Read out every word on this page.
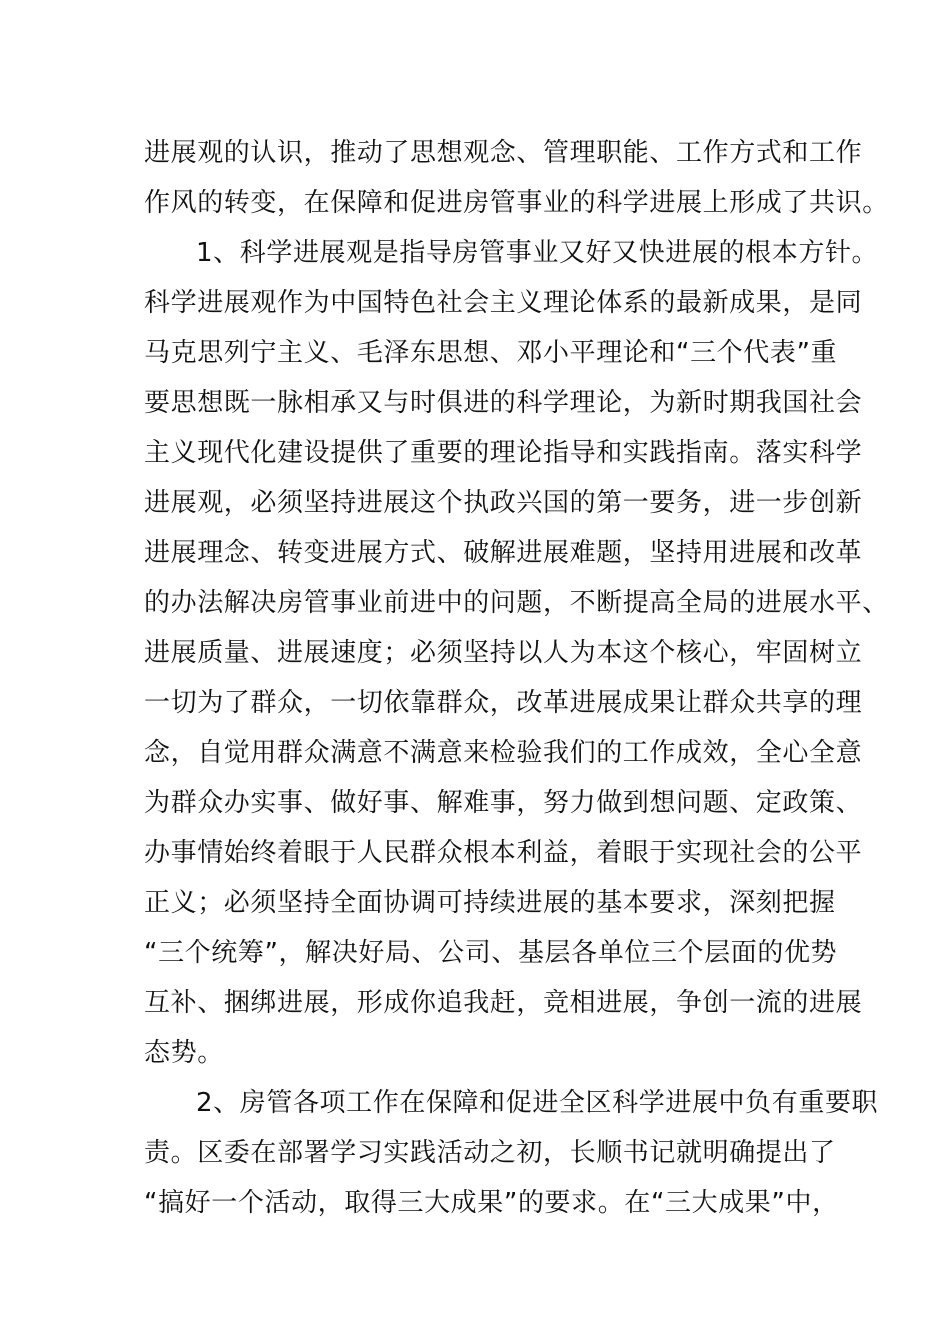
进展观的认识，推动了思想观念、管理职能、工作方式和工作
作风的转变，在保障和促进房管事业的科学进展上形成了共识。
1、科学进展观是指导房管事业又好又快进展的根本方针。
科学进展观作为中国特色社会主义理论体系的最新成果，是同
马克思列宁主义、毛泽东思想、邓小平理论和“三个代表”重
要思想既一脉相承又与时俱进的科学理论，为新时期我国社会
主义现代化建设提供了重要的理论指导和实践指南。落实科学
进展观，必须坚持进展这个执政兴国的第一要务，进一步创新
进展理念、转变进展方式、破解进展难题，坚持用进展和改革
的办法解决房管事业前进中的问题，不断提高全局的进展水平、
进展质量、进展速度；必须坚持以人为本这个核心，牢固树立
一切为了群众，一切依靠群众，改革进展成果让群众共享的理
念，自觉用群众满意不满意来检验我们的工作成效，全心全意
为群众办实事、做好事、解难事，努力做到想问题、定政策、
办事情始终着眼于人民群众根本利益，着眼于实现社会的公平
正义；必须坚持全面协调可持续进展的基本要求，深刻把握
“三个统筹”，解决好局、公司、基层各单位三个层面的优势
互补、捆绑进展，形成你追我赶，竞相进展，争创一流的进展
态势。
2、房管各项工作在保障和促进全区科学进展中负有重要职
责。区委在部署学习实践活动之初，长顺书记就明确提出了
“搞好一个活动，取得三大成果”的要求。在“三大成果”中，
